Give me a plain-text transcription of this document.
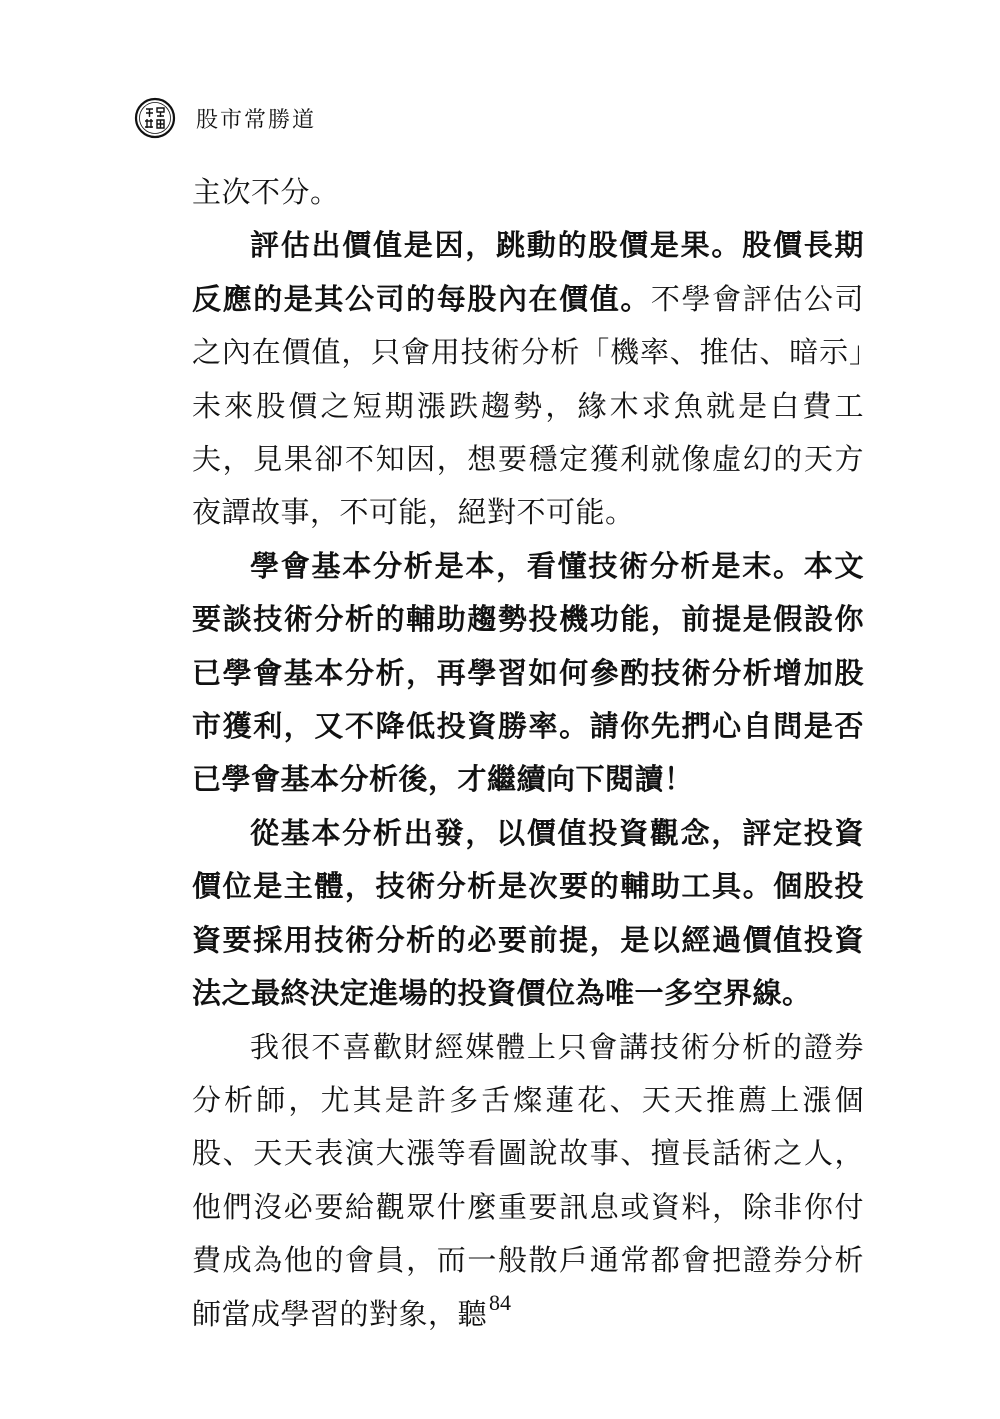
股市常勝道

主次不分。

評估出價值是因，跳動的股價是果。股價長期反應的是其公司的每股內在價值。不學會評估公司之內在價值，只會用技術分析「機率、推估、暗示」未來股價之短期漲跌趨勢，緣木求魚就是白費工夫，見果卻不知因，想要穩定獲利就像虛幻的天方夜譚故事，不可能，絕對不可能。

學會基本分析是本，看懂技術分析是末。本文要談技術分析的輔助趨勢投機功能，前提是假設你已學會基本分析，再學習如何參酌技術分析增加股市獲利，又不降低投資勝率。請你先捫心自問是否已學會基本分析後，才繼續向下閱讀！

從基本分析出發，以價值投資觀念，評定投資價位是主體，技術分析是次要的輔助工具。個股投資要採用技術分析的必要前提，是以經過價值投資法之最終決定進場的投資價位為唯一多空界線。

我很不喜歡財經媒體上只會講技術分析的證券分析師，尤其是許多舌燦蓮花、天天推薦上漲個股、天天表演大漲等看圖說故事、擅長話術之人，他們沒必要給觀眾什麼重要訊息或資料，除非你付費成為他的會員，而一般散戶通常都會把證券分析師當成學習的對象，聽 84
